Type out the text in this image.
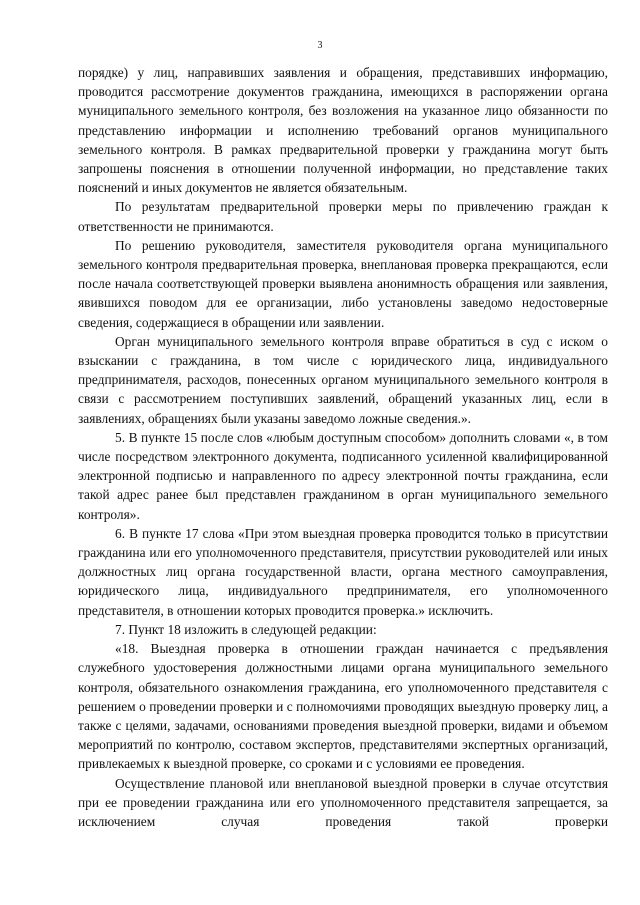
3

порядке) у лиц, направивших заявления и обращения, представивших информацию, проводится рассмотрение документов гражданина, имеющихся в распоряжении органа муниципального земельного контроля, без возложения на указанное лицо обязанности по представлению информации и исполнению требований органов муниципального земельного контроля. В рамках предварительной проверки у гражданина могут быть запрошены пояснения в отношении полученной информации, но представление таких пояснений и иных документов не является обязательным.

По результатам предварительной проверки меры по привлечению граждан к ответственности не принимаются.

По решению руководителя, заместителя руководителя органа муниципального земельного контроля предварительная проверка, внеплановая проверка прекращаются, если после начала соответствующей проверки выявлена анонимность обращения или заявления, явившихся поводом для ее организации, либо установлены заведомо недостоверные сведения, содержащиеся в обращении или заявлении.

Орган муниципального земельного контроля вправе обратиться в суд с иском о взыскании с гражданина, в том числе с юридического лица, индивидуального предпринимателя, расходов, понесенных органом муниципального земельного контроля в связи с рассмотрением поступивших заявлений, обращений указанных лиц, если в заявлениях, обращениях были указаны заведомо ложные сведения.».

5. В пункте 15 после слов «любым доступным способом» дополнить словами «, в том числе посредством электронного документа, подписанного усиленной квалифицированной электронной подписью и направленного по адресу электронной почты гражданина, если такой адрес ранее был представлен гражданином в орган муниципального земельного контроля».

6. В пункте 17 слова «При этом выездная проверка проводится только в присутствии гражданина или его уполномоченного представителя, присутствии руководителей или иных должностных лиц органа государственной власти, органа местного самоуправления, юридического лица, индивидуального предпринимателя, его уполномоченного представителя, в отношении которых проводится проверка.» исключить.

7. Пункт 18 изложить в следующей редакции:

«18. Выездная проверка в отношении граждан начинается с предъявления служебного удостоверения должностными лицами органа муниципального земельного контроля, обязательного ознакомления гражданина, его уполномоченного представителя с решением о проведении проверки и с полномочиями проводящих выездную проверку лиц, а также с целями, задачами, основаниями проведения выездной проверки, видами и объемом мероприятий по контролю, составом экспертов, представителями экспертных организаций, привлекаемых к выездной проверке, со сроками и с условиями ее проведения.

Осуществление плановой или внеплановой выездной проверки в случае отсутствия при ее проведении гражданина или его уполномоченного представителя запрещается, за исключением случая проведения такой проверки
